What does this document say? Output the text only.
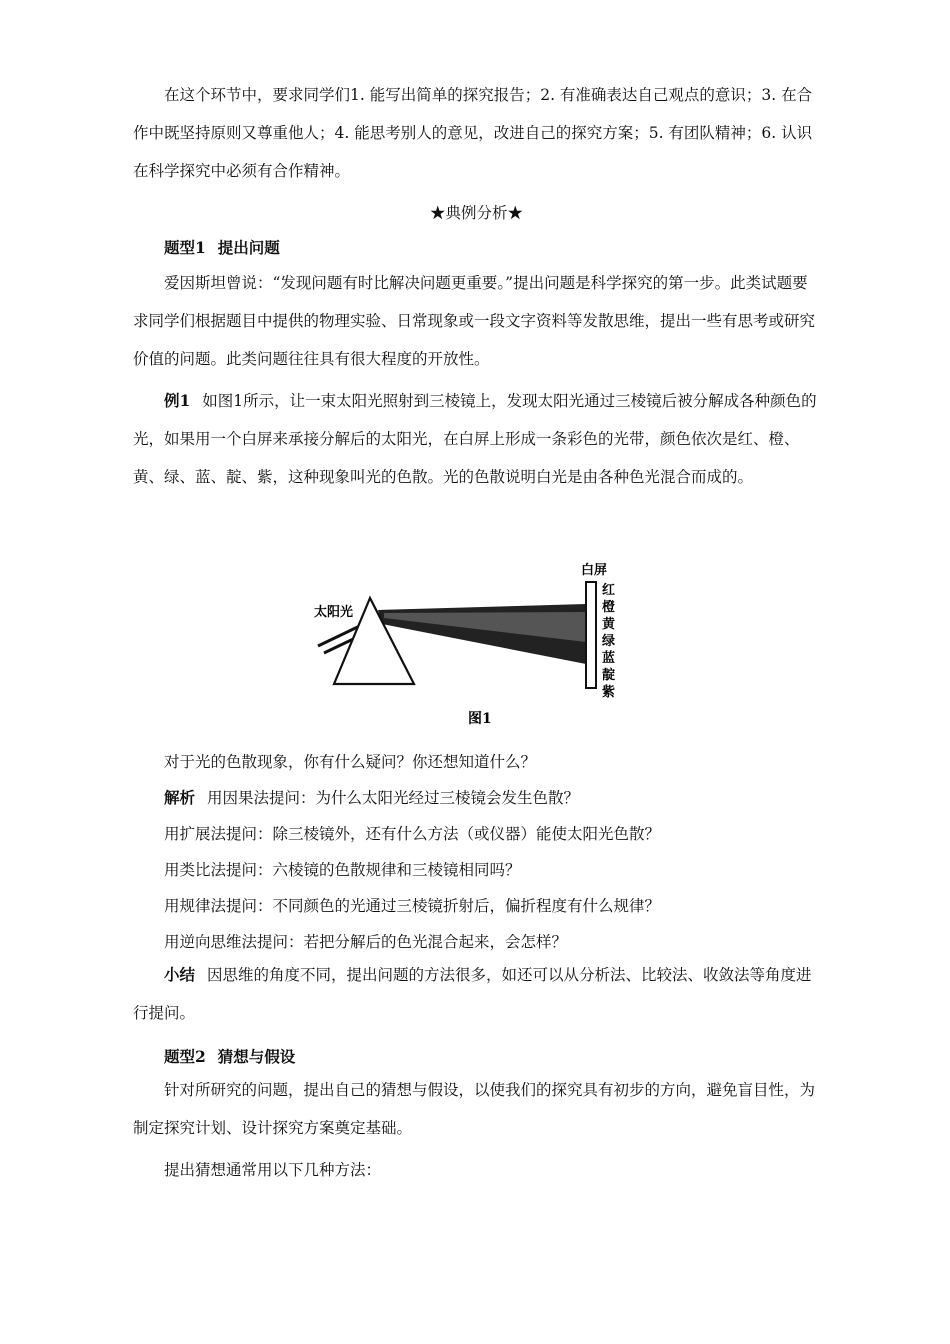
在这个环节中，要求同学们1. 能写出简单的探究报告；2. 有准确表达自己观点的意识；3. 在合作中既坚持原则又尊重他人；4. 能思考别人的意见，改进自己的探究方案；5. 有团队精神；6. 认识在科学探究中必须有合作精神。

★典例分析★

题型1 提出问题

爱因斯坦曾说：“发现问题有时比解决问题更重要。”提出问题是科学探究的第一步。此类试题要求同学们根据题目中提供的物理实验、日常现象或一段文字资料等发散思维，提出一些有思考或研究价值的问题。此类问题往往具有很大程度的开放性。

例1 如图1所示，让一束太阳光照射到三棱镜上，发现太阳光通过三棱镜后被分解成各种颜色的光，如果用一个白屏来承接分解后的太阳光，在白屏上形成一条彩色的光带，颜色依次是红、橙、黄、绿、蓝、靛、紫，这种现象叫光的色散。光的色散说明白光是由各种色光混合而成的。

太阳光
白屏
红
橙
黄
绿
蓝
靛
紫
图1

对于光的色散现象，你有什么疑问？你还想知道什么？

解析 用因果法提问：为什么太阳光经过三棱镜会发生色散？

用扩展法提问：除三棱镜外，还有什么方法（或仪器）能使太阳光色散？

用类比法提问：六棱镜的色散规律和三棱镜相同吗？

用规律法提问：不同颜色的光通过三棱镜折射后，偏折程度有什么规律？

用逆向思维法提问：若把分解后的色光混合起来，会怎样？

小结 因思维的角度不同，提出问题的方法很多，如还可以从分析法、比较法、收敛法等角度进行提问。

题型2 猜想与假设

针对所研究的问题，提出自己的猜想与假设，以使我们的探究具有初步的方向，避免盲目性，为制定探究计划、设计探究方案奠定基础。

提出猜想通常用以下几种方法：
